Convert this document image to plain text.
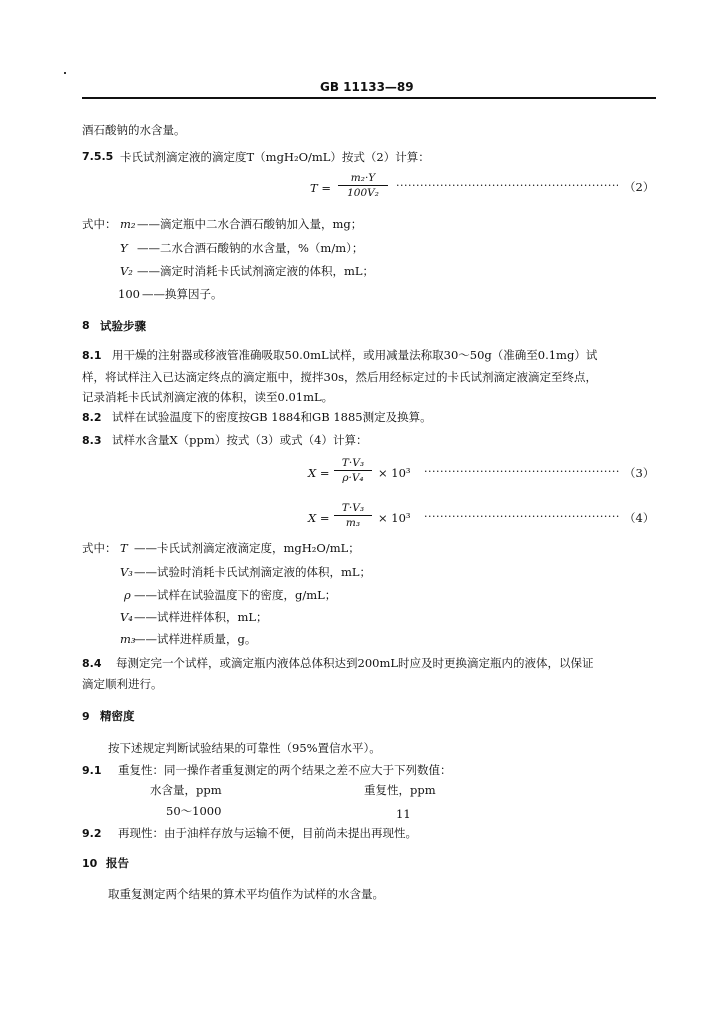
GB 11133—89
酒石酸钠的水含量。
7.5.5 卡氏试剂滴定液的滴定度T（mgH₂O/mL）按式（2）计算：
T =
m₂·Y
100V₂ ·····	（2）
式中： m₂ ——滴定瓶中二水合酒石酸钠加入量，mg；
Y ——二水合酒石酸钠的水含量，%（m/m）；
V₂ ——滴定时消耗卡氏试剂滴定液的体积，mL；
100 ——换算因子。
8 试验步骤
8.1 用干燥的注射器或移液管准确吸取50.0mL试样，或用减量法称取30～50g（准确至0.1mg）试
样，将试样注入已达滴定终点的滴定瓶中，搅拌30s，然后用经标定过的卡氏试剂滴定液滴定至终点，
记录消耗卡氏试剂滴定液的体积，读至0.01mL。
8.2 试样在试验温度下的密度按GB 1884和GB 1885测定及换算。
8.3 试样水含量X（ppm）按式（3）或式（4）计算：
X =
T·V₃
ρ·V₄ × 10³ ·····	（3）
X =
T·V₃
m₃ × 10³ ·····	（4）
式中： T ——卡氏试剂滴定液滴定度，mgH₂O/mL；
V₃ ——试验时消耗卡氏试剂滴定液的体积，mL；
ρ ——试样在试验温度下的密度，g/mL；
V₄ ——试样进样体积，mL；
m₃
——试样进样质量，g。
8.4 每测定完一个试样，或滴定瓶内液体总体积达到200mL时应及时更换滴定瓶内的液体，以保证
滴定顺利进行。
9 精密度
按下述规定判断试验结果的可靠性（95%置信水平）。
9.1 重复性：同一操作者重复测定的两个结果之差不应大于下列数值：
水含量，ppm	重复性，ppm
50～1000	11
9.2 再现性：由于油样存放与运输不便，目前尚未提出再现性。
10 报告
取重复测定两个结果的算术平均值作为试样的水含量。
